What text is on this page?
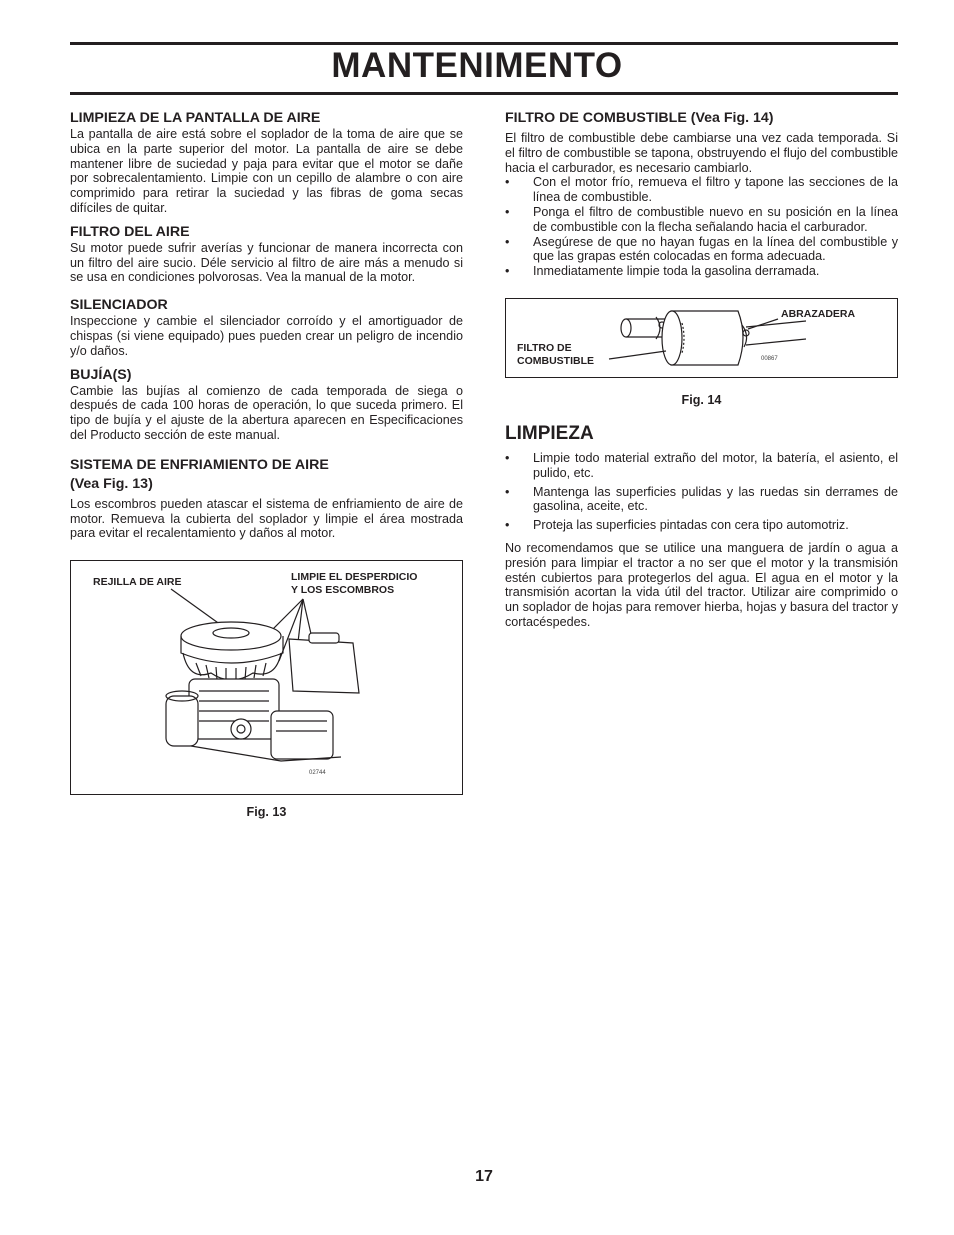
MANTENIMENTO
LIMPIEZA DE LA PANTALLA DE AIRE

La pantalla de aire está sobre el soplador de la toma de aire que se ubica en la parte superior del motor. La pantalla de aire se debe mantener libre de suciedad y paja para evitar que el motor se dañe por sobrecalentamiento. Limpie con un cepillo de alambre o con aire comprimido para retirar la suciedad y las fibras de goma secas difíciles de quitar.

FILTRO DEL AIRE

Su motor puede sufrir averías y funcionar de manera incorrecta con un filtro del aire sucio. Déle servicio al filtro de aire más a menudo si se usa en condiciones polvorosas. Vea la manual de la motor.

SILENCIADOR

Inspeccione y cambie el silenciador corroído y el amortiguador de chispas (si viene equipado) pues pueden crear un peligro de incendio y/o daños.

BUJÍA(S)

Cambie las bujías al comienzo de cada temporada de siega o después de cada 100 horas de operación, lo que suceda primero. El tipo de bujía y el ajuste de la abertura aparecen en Especificaciones del Producto sección de este manual.

SISTEMA DE ENFRIAMIENTO DE AIRE
(Vea Fig. 13)

Los escombros pueden atascar el sistema de enfriamiento de aire de motor. Remueva la cubierta del soplador y limpie el área mostrada para evitar el recalentamiento y daños al motor.

REJILLA DE AIRE	LIMPIE EL DESPERDICIO
Y LOS ESCOMBROS
02744
Fig. 13
FILTRO DE COMBUSTIBLE (Vea Fig. 14)

El filtro de combustible debe cambiarse una vez cada temporada. Si el filtro de combustible se tapona, obstruyendo el flujo del combustible hacia el carburador, es necesario cambiarlo.

• Con el motor frío, remueva el filtro y tapone las secciones de la línea de combustible.
• Ponga el filtro de combustible nuevo en su posición en la línea de combustible con la flecha señalando hacia el carburador.
• Asegúrese de que no hayan fugas en la línea del combustible y que las grapas estén colocadas en forma adecuada.
• Inmediatamente limpie toda la gasolina derramada.
ABRAZADERA
FILTRO DE
COMBUSTIBLE	00867
Fig. 14
LIMPIEZA
• Limpie todo material extraño del motor, la batería, el asiento, el pulido, etc.
• Mantenga las superficies pulidas y las ruedas sin derrames de gasolina, aceite, etc.
• Proteja las superficies pintadas con cera tipo automotriz.

No recomendamos que se utilice una manguera de jardín o agua a presión para limpiar el tractor a no ser que el motor y la transmisión estén cubiertos para protegerlos del agua. El agua en el motor y la transmisión acortan la vida útil del tractor. Utilizar aire comprimido o un soplador de hojas para remover hierba, hojas y basura del tractor y cortacéspedes.

17
